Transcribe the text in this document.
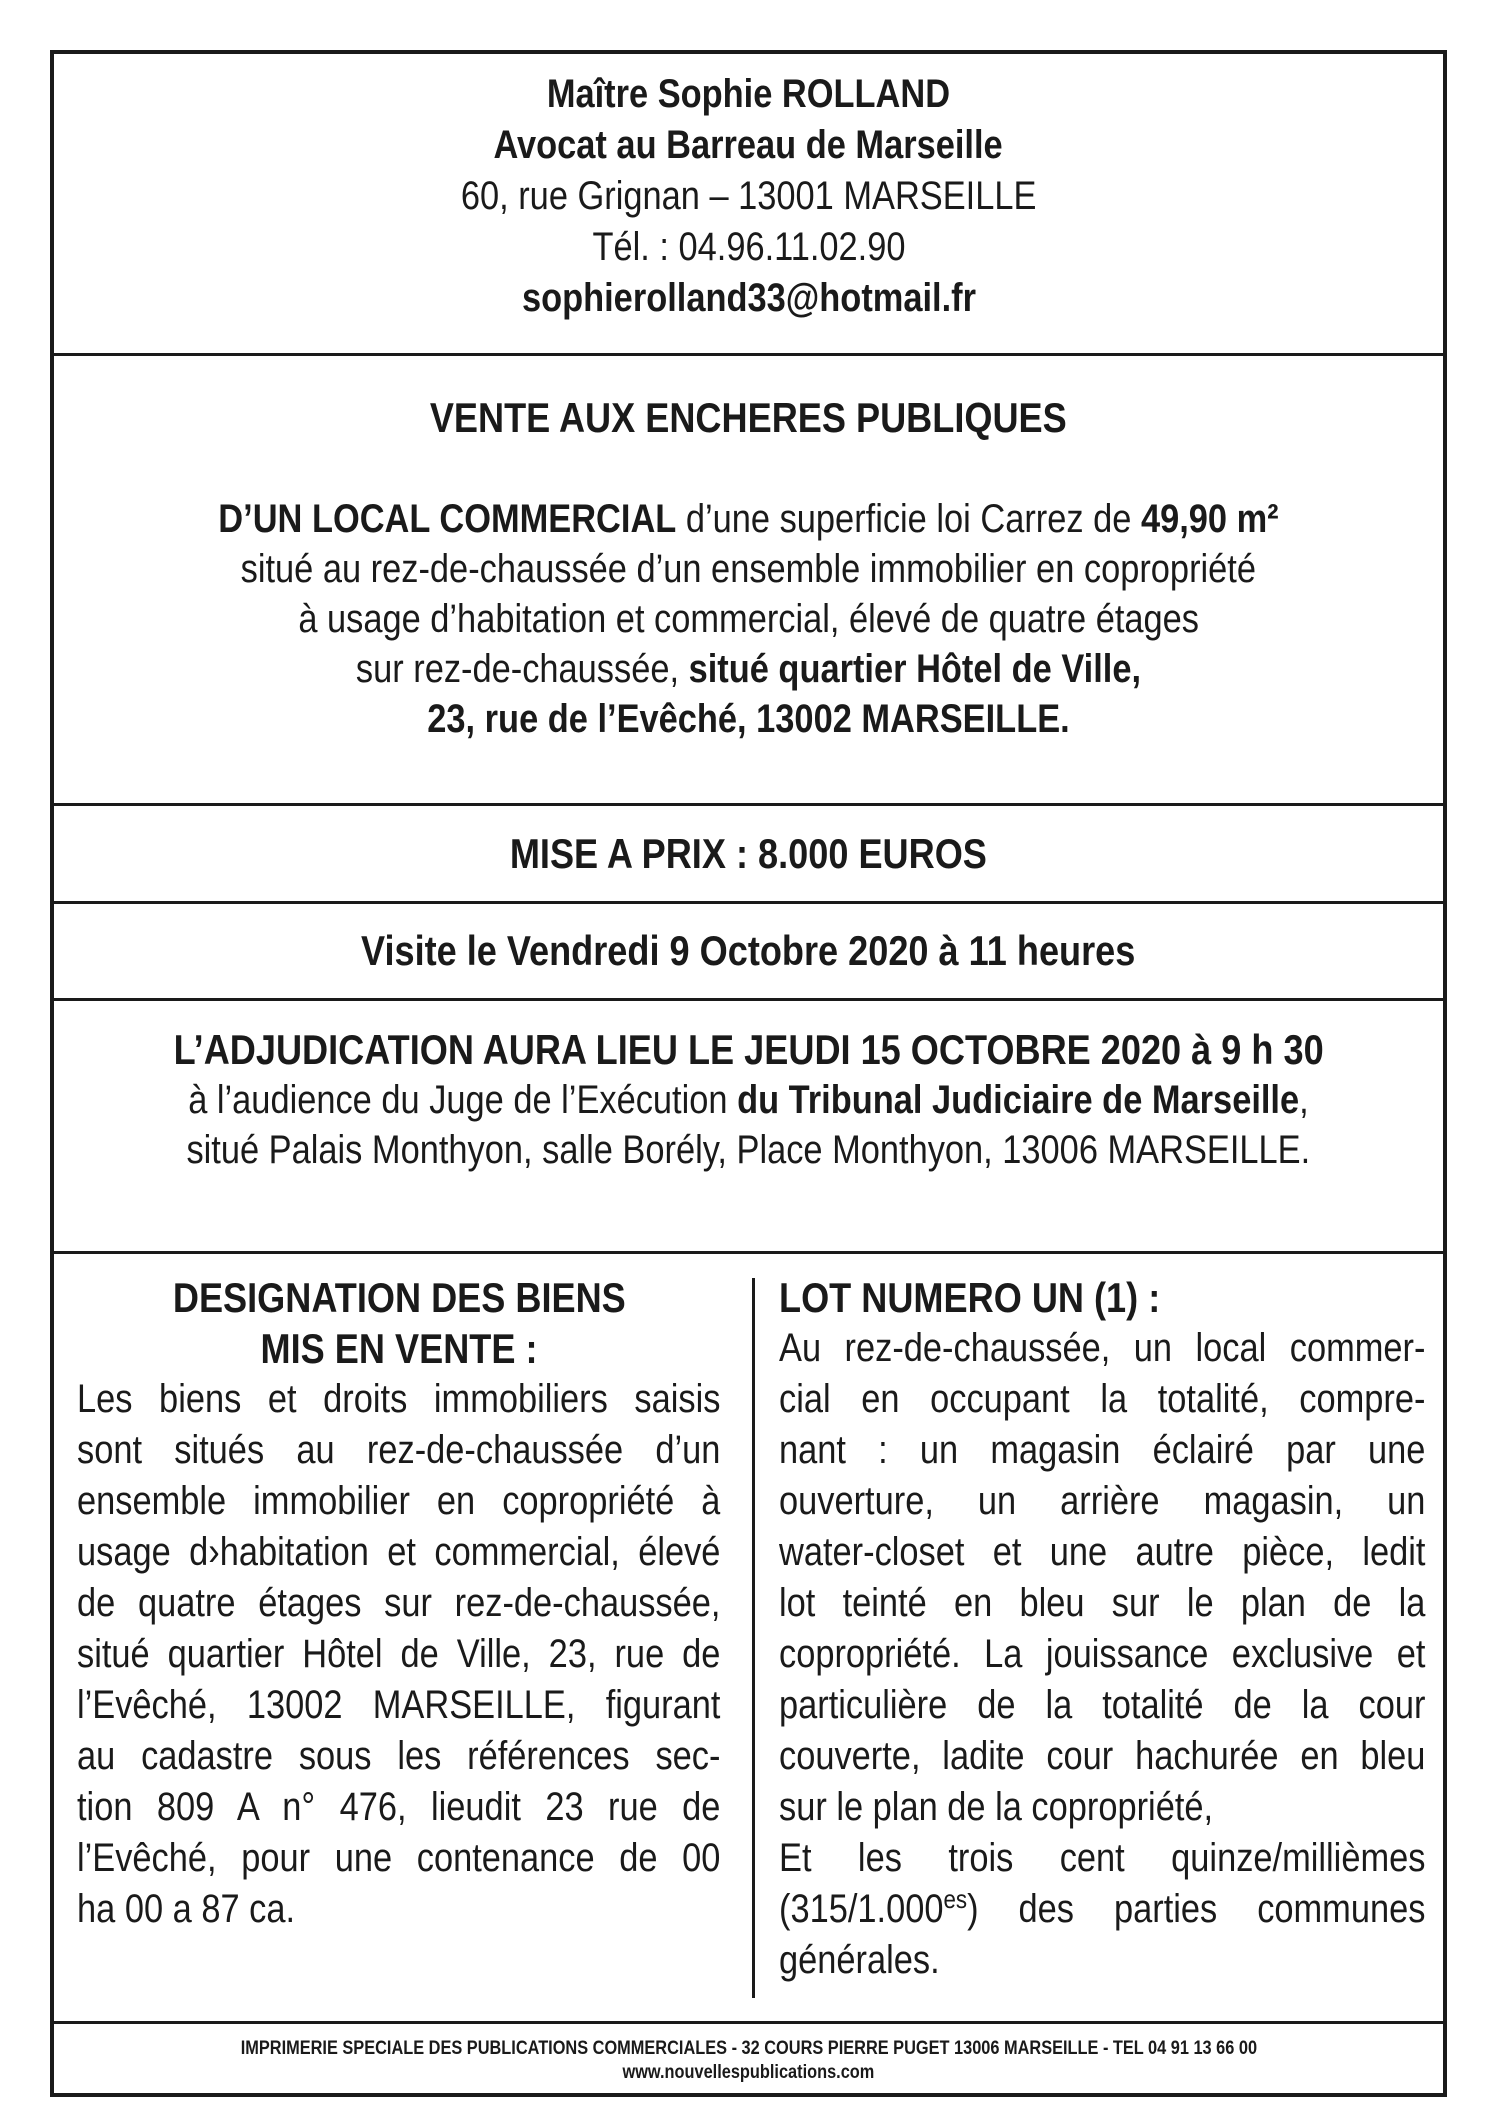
Maître Sophie ROLLAND
Avocat au Barreau de Marseille
60, rue Grignan – 13001 MARSEILLE
Tél. : 04.96.11.02.90
sophierolland33@hotmail.fr
VENTE AUX ENCHERES PUBLIQUES
D’UN LOCAL COMMERCIAL d’une superficie loi Carrez de 49,90 m²
situé au rez-de-chaussée d’un ensemble immobilier en copropriété
à usage d’habitation et commercial, élevé de quatre étages
sur rez-de-chaussée, situé quartier Hôtel de Ville,
23, rue de l’Evêché, 13002 MARSEILLE.
MISE A PRIX : 8.000 EUROS
Visite le Vendredi 9 Octobre 2020 à 11 heures
L’ADJUDICATION AURA LIEU LE JEUDI 15 OCTOBRE 2020 à 9 h 30
à l’audience du Juge de l’Exécution du Tribunal Judiciaire de Marseille,
situé Palais Monthyon, salle Borély, Place Monthyon, 13006 MARSEILLE.
DESIGNATION DES BIENS
MIS EN VENTE :
Les biens et droits immobiliers saisis
sont situés au rez-de-chaussée d’un
ensemble immobilier en copropriété à
usage d›habitation et commercial, élevé
de quatre étages sur rez-de-chaussée,
situé quartier Hôtel de Ville, 23, rue de
l’Evêché, 13002 MARSEILLE, figurant
au cadastre sous les références sec-
tion 809 A n° 476, lieudit 23 rue de
l’Evêché, pour une contenance de 00
ha 00 a 87 ca.
LOT NUMERO UN (1) :
Au rez-de-chaussée, un local commer-
cial en occupant la totalité, compre-
nant : un magasin éclairé par une
ouverture, un arrière magasin, un
water-closet et une autre pièce, ledit
lot teinté en bleu sur le plan de la
copropriété. La jouissance exclusive et
particulière de la totalité de la cour
couverte, ladite cour hachurée en bleu
sur le plan de la copropriété,
Et les trois cent quinze/millièmes
$(315/1.000^{es})$ des parties communes
générales.
IMPRIMERIE SPECIALE DES PUBLICATIONS COMMERCIALES - 32 COURS PIERRE PUGET 13006 MARSEILLE - TEL 04 91 13 66 00
www.nouvellespublications.com
